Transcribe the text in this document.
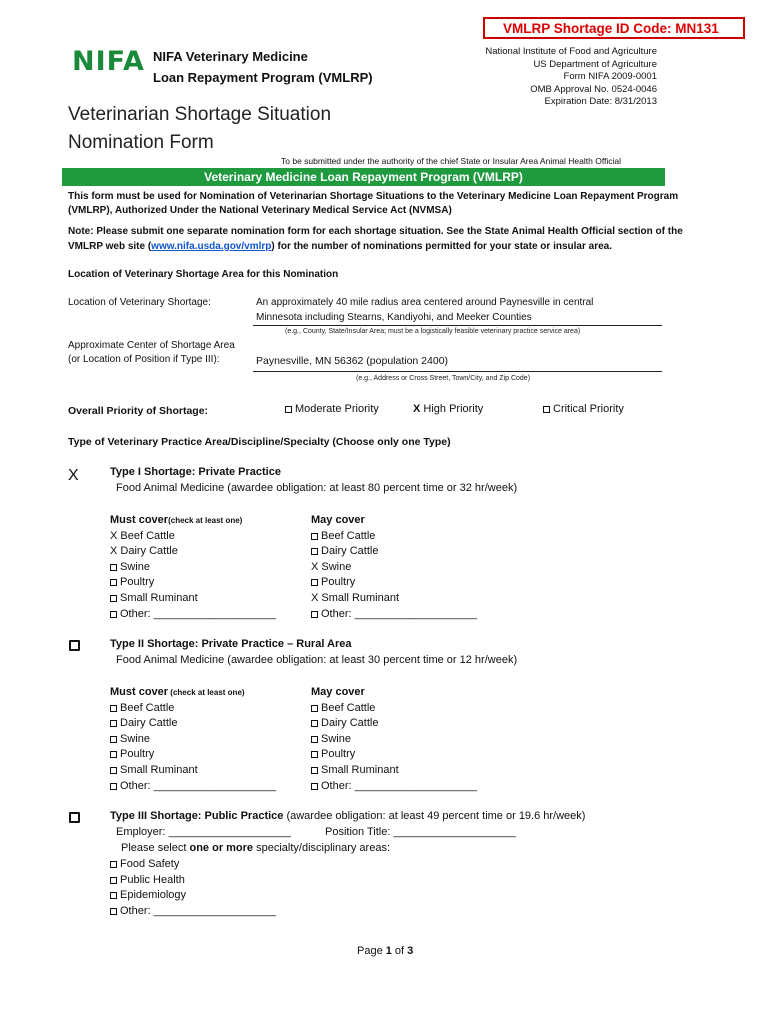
VMLRP Shortage ID Code: MN131
NIFA NIFA Veterinary Medicine
Loan Repayment Program (VMLRP)
National Institute of Food and Agriculture
US Department of Agriculture
Form NIFA 2009-0001
OMB Approval No. 0524-0046
Expiration Date: 8/31/2013
Veterinarian Shortage Situation
Nomination Form
To be submitted under the authority of the chief State or Insular Area Animal Health Official
Veterinary Medicine Loan Repayment Program (VMLRP)
This form must be used for Nomination of Veterinarian Shortage Situations to the Veterinary Medicine Loan Repayment Program
(VMLRP), Authorized Under the National Veterinary Medical Service Act (NVMSA)
Note: Please submit one separate nomination form for each shortage situation. See the State Animal Health Official section of the
VMLRP web site (www.nifa.usda.gov/vmlrp) for the number of nominations permitted for your state or insular area.
Location of Veterinary Shortage Area for this Nomination
Location of Veterinary Shortage:	An approximately 40 mile radius area centered around Paynesville in central
Minnesota including Stearns, Kandiyohi, and Meeker Counties
(e.g., County, State/Insular Area; must be a logistically feasible veterinary practice service area)
Approximate Center of Shortage Area
(or Location of Position if Type III):	Paynesville, MN 56362 (population 2400)
(e.g., Address or Cross Street, Town/City, and Zip Code)
Overall Priority of Shortage:	Moderate Priority	X High Priority	Critical Priority
Type of Veterinary Practice Area/Discipline/Specialty (Choose only one Type)
X	Type I Shortage: Private Practice
Food Animal Medicine (awardee obligation: at least 80 percent time or 32 hr/week)
Must cover(check at least one)
X Beef Cattle
X Dairy Cattle
Swine
Poultry
Small Ruminant
Other: ____________________
May cover
Beef Cattle
Dairy Cattle
X Swine
Poultry
X Small Ruminant
Other: ____________________
Type II Shortage: Private Practice – Rural Area
Food Animal Medicine (awardee obligation: at least 30 percent time or 12 hr/week)
Must cover (check at least one)
Beef Cattle
Dairy Cattle
Swine
Poultry
Small Ruminant
Other: ____________________
May cover
Beef Cattle
Dairy Cattle
Swine
Poultry
Small Ruminant
Other: ____________________
Type III Shortage: Public Practice (awardee obligation: at least 49 percent time or 19.6 hr/week)
Employer: ____________________	Position Title: ____________________
Please select one or more specialty/disciplinary areas:
Food Safety
Public Health
Epidemiology
Other: ____________________
Page 1 of 3
